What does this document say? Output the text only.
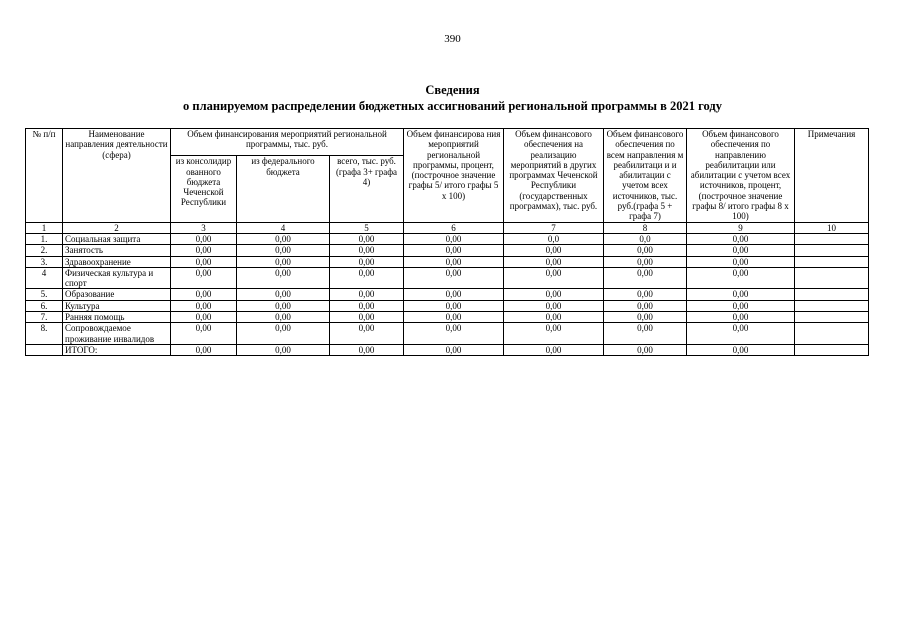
390
Сведения
о планируемом распределении бюджетных ассигнований региональной программы в 2021 году
№ п/п	Наименование направления деятельности (сфера)	Объем финансирования мероприятий региональной программы, тыс. руб.			Объем финансирова ния мероприятий региональной программы, процент, (построчное значение графы 5/ итого графы 5 х 100)	Объем финансового обеспечения на реализацию мероприятий в других программах Чеченской Республики (государственных программах), тыс. руб.	Объем финансового обеспечения по всем направления м реабилитаци и и абилитации с учетом всех источников, тыс. руб.(графа 5 + графа 7)	Объем финансового обеспечения по направлению реабилитации или абилитации с учетом всех источников, процент, (построчное значение графы 8/ итого графы 8 х 100)	Примечания
		из консолидир ованного бюджета Чеченской Республики	из федерального бюджета	всего, тыс. руб. (графа 3+ графа 4)					
1	2	3	4	5	6	7	8	9	10
1.	Социальная защита	0,00	0,00	0,00	0,00	0,0	0,0	0,00	
2.	Занятость	0,00	0,00	0,00	0,00	0,00	0,00	0,00	
3.	Здравоохранение	0,00	0,00	0,00	0,00	0,00	0,00	0,00	
4	Физическая культура и спорт	0,00	0,00	0,00	0,00	0,00	0,00	0,00	
5.	Образование	0,00	0,00	0,00	0,00	0,00	0,00	0,00	
6.	Культура	0,00	0,00	0,00	0,00	0,00	0,00	0,00	
7.	Ранняя помощь	0,00	0,00	0,00	0,00	0,00	0,00	0,00	
8.	Сопровождаемое проживание инвалидов	0,00	0,00	0,00	0,00	0,00	0,00	0,00	
	ИТОГО:	0,00	0,00	0,00	0,00	0,00	0,00	0,00	
